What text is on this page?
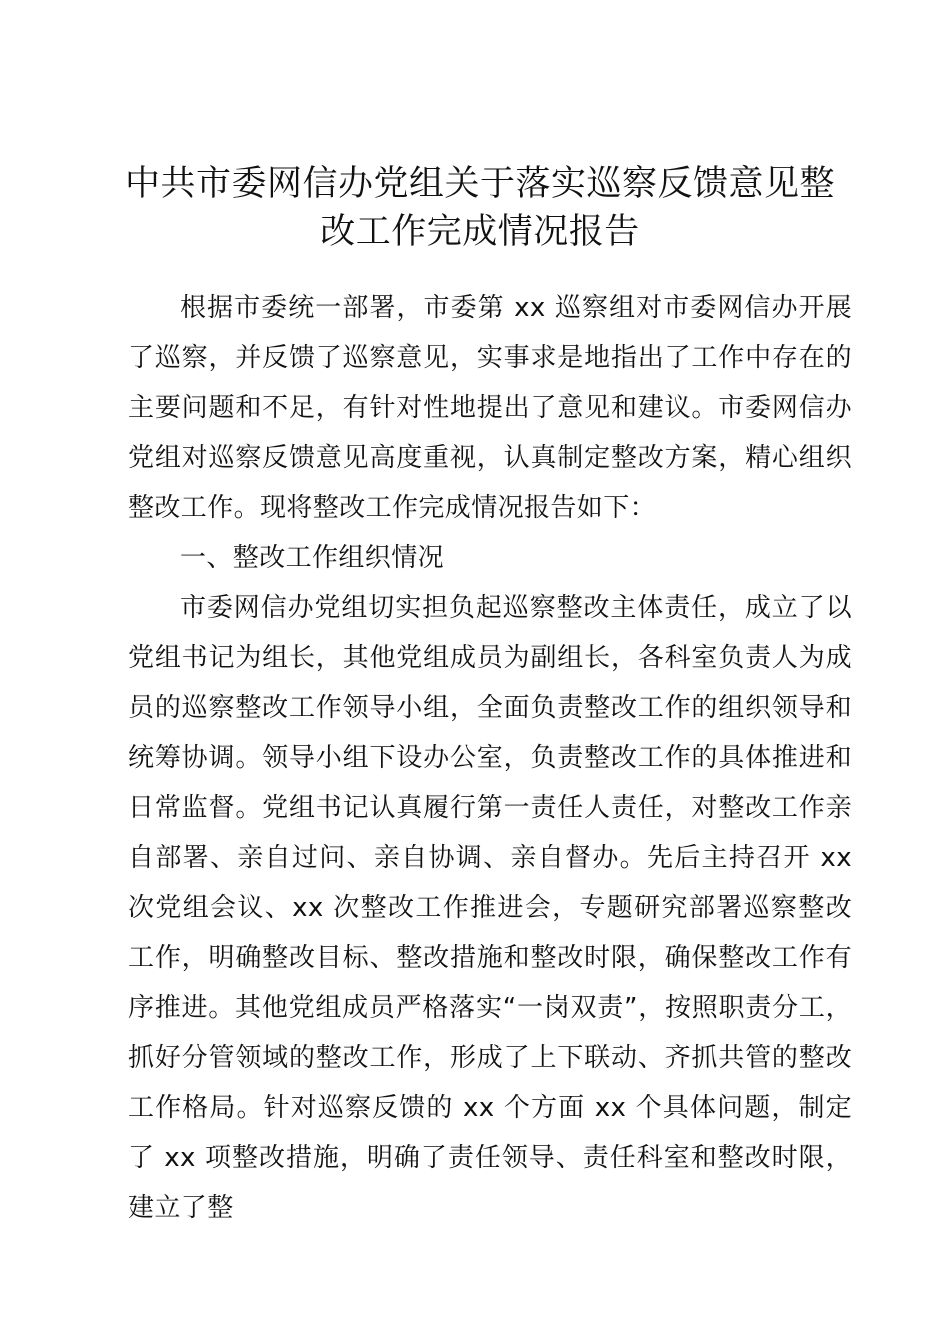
中共市委网信办党组关于落实巡察反馈意见整改工作完成情况报告

根据市委统一部署，市委第 xx 巡察组对市委网信办开展了巡察，并反馈了巡察意见，实事求是地指出了工作中存在的主要问题和不足，有针对性地提出了意见和建议。市委网信办党组对巡察反馈意见高度重视，认真制定整改方案，精心组织整改工作。现将整改工作完成情况报告如下：

一、整改工作组织情况

市委网信办党组切实担负起巡察整改主体责任，成立了以党组书记为组长，其他党组成员为副组长，各科室负责人为成员的巡察整改工作领导小组，全面负责整改工作的组织领导和统筹协调。领导小组下设办公室，负责整改工作的具体推进和日常监督。党组书记认真履行第一责任人责任，对整改工作亲自部署、亲自过问、亲自协调、亲自督办。先后主持召开 xx 次党组会议、xx 次整改工作推进会，专题研究部署巡察整改工作，明确整改目标、整改措施和整改时限，确保整改工作有序推进。其他党组成员严格落实“一岗双责”，按照职责分工，抓好分管领域的整改工作，形成了上下联动、齐抓共管的整改工作格局。针对巡察反馈的 xx 个方面 xx 个具体问题，制定了 xx 项整改措施，明确了责任领导、责任科室和整改时限，建立了整
